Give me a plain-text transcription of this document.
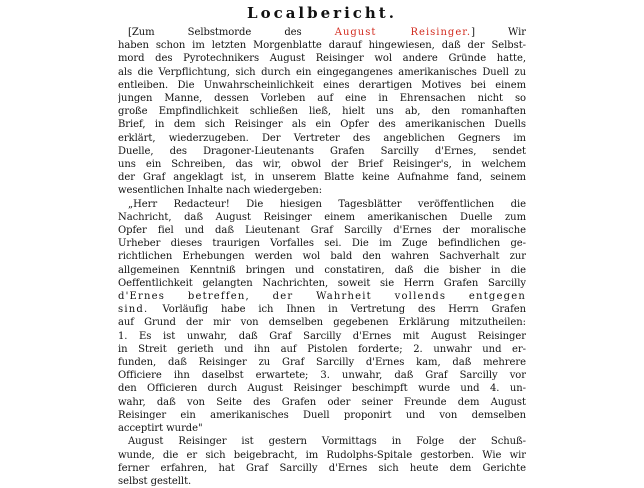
Localbericht.
[Zum Selbstmorde des August Reisinger.] Wir
haben schon im letzten Morgenblatte darauf hingewiesen, daß der Selbst-
mord des Pyrotechnikers August Reisinger wol andere Gründe hatte,
als die Verpflichtung, sich durch ein eingegangenes amerikanisches Duell zu
entleiben. Die Unwahrscheinlichkeit eines derartigen Motives bei einem
jungen Manne, dessen Vorleben auf eine in Ehrensachen nicht so
große Empfindlichkeit schließen ließ, hielt uns ab, den romanhaften
Brief, in dem sich Reisinger als ein Opfer des amerikanischen Duells
erklärt, wiederzugeben. Der Vertreter des angeblichen Gegners im
Duelle, des Dragoner-Lieutenants Grafen Sarcilly d'Ernes, sendet
uns ein Schreiben, das wir, obwol der Brief Reisinger's, in welchem
der Graf angeklagt ist, in unserem Blatte keine Aufnahme fand, seinem
wesentlichen Inhalte nach wiedergeben:
„Herr Redacteur! Die hiesigen Tagesblätter veröffentlichen die
Nachricht, daß August Reisinger einem amerikanischen Duelle zum
Opfer fiel und daß Lieutenant Graf Sarcilly d'Ernes der moralische
Urheber dieses traurigen Vorfalles sei. Die im Zuge befindlichen ge-
richtlichen Erhebungen werden wol bald den wahren Sachverhalt zur
allgemeinen Kenntniß bringen und constatiren, daß die bisher in die
Oeffentlichkeit gelangten Nachrichten, soweit sie Herrn Grafen Sarcilly
d'Ernes betreffen, der Wahrheit vollends entgegen
sind. Vorläufig habe ich Ihnen in Vertretung des Herrn Grafen
auf Grund der mir von demselben gegebenen Erklärung mitzutheilen:
1. Es ist unwahr, daß Graf Sarcilly d'Ernes mit August Reisinger
in Streit gerieth und ihn auf Pistolen forderte; 2. unwahr und er-
funden, daß Reisinger zu Graf Sarcilly d'Ernes kam, daß mehrere
Officiere ihn daselbst erwartete; 3. unwahr, daß Graf Sarcilly vor
den Officieren durch August Reisinger beschimpft wurde und 4. un-
wahr, daß von Seite des Grafen oder seiner Freunde dem August
Reisinger ein amerikanisches Duell proponirt und von demselben
acceptirt wurde"
August Reisinger ist gestern Vormittags in Folge der Schuß-
wunde, die er sich beigebracht, im Rudolphs-Spitale gestorben. Wie wir
ferner erfahren, hat Graf Sarcilly d'Ernes sich heute dem Gerichte
selbst gestellt.
